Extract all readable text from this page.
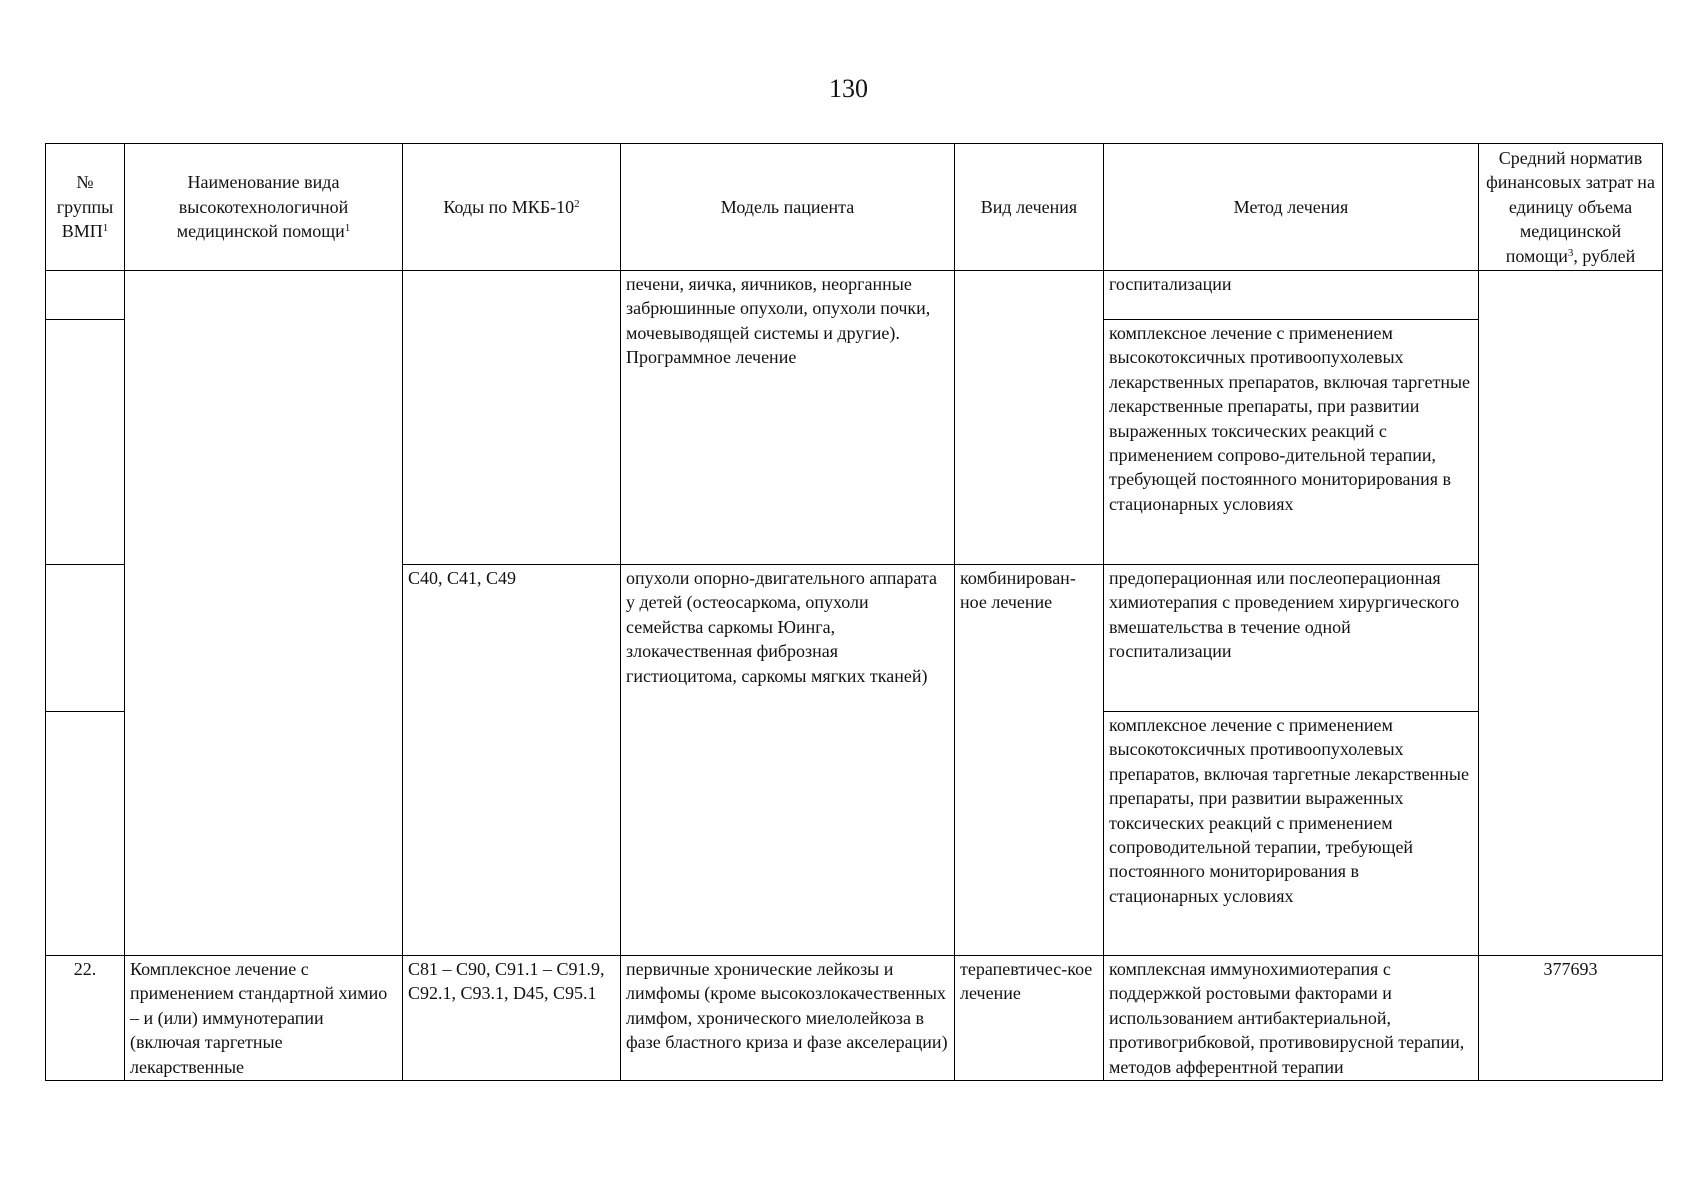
130
№ группы ВМП$^1$	Наименование вида высокотехнологичной медицинской помощи$^1$	Коды по МКБ-$10^2$	Модель пациента	Вид лечения	Метод лечения	Средний норматив финансовых затрат на единицу объема медицинской помощи$^3$, рублей
			печени, яичка, яичников, неорганные забрюшинные опухоли, опухоли почки, мочевыводящей системы и другие). Программное лечение		госпитализации	
					комплексное лечение с применением высокотоксичных противоопухолевых лекарственных препаратов, включая таргетные лекарственные препараты, при развитии выраженных токсических реакций с применением сопрово-дительной терапии, требующей постоянного мониторирования в стационарных условиях	
		C40, C41, C49	опухоли опорно-двигательного аппарата у детей (остеосаркома, опухоли семейства саркомы Юинга, злокачественная фиброзная гистиоцитома, саркомы мягких тканей)	комбинирован-ное лечение	предоперационная или послеоперационная химиотерапия с проведением хирургического вмешательства в течение одной госпитализации	
					комплексное лечение с применением высокотоксичных противоопухолевых препаратов, включая таргетные лекарственные препараты, при развитии выраженных токсических реакций с применением сопроводительной терапии, требующей постоянного мониторирования в стационарных условиях	
22.	Комплексное лечение с применением стандартной химио – и (или) иммунотерапии (включая таргетные лекарственные	C81 – C90, C91.1 – C91.9, C92.1, C93.1, D45, C95.1	первичные хронические лейкозы и лимфомы (кроме высокозлокачественных лимфом, хронического миелолейкоза в фазе бластного криза и фазе акселерации)	терапевтичес-кое лечение	комплексная иммунохимиотерапия с поддержкой ростовыми факторами и использованием антибактериальной, противогрибковой, противовирусной терапии, методов афферентной терапии	377693
